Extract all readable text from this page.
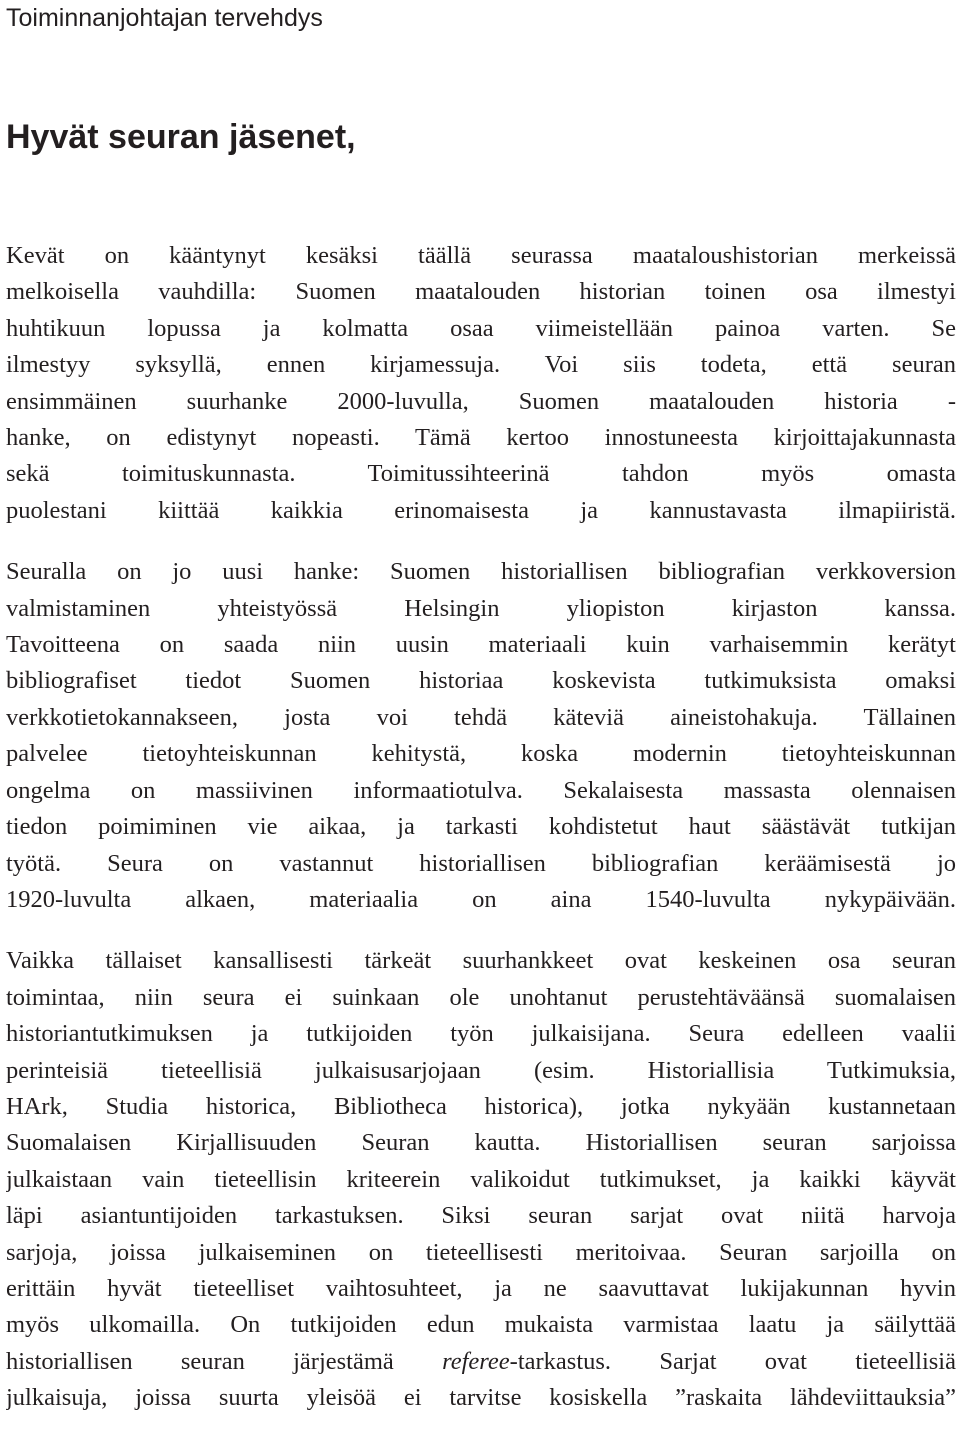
Toiminnanjohtajan tervehdys
Hyvät seuran jäsenet,

Kevät on kääntynyt kesäksi täällä seurassa maataloushistorian merkeissä
melkoisella vauhdilla: Suomen maatalouden historian toinen osa ilmestyi
huhtikuun lopussa ja kolmatta osaa viimeistellään painoa varten. Se
ilmestyy syksyllä, ennen kirjamessuja. Voi siis todeta, että seuran
ensimmäinen suurhanke 2000-luvulla, Suomen maatalouden historia -
hanke, on edistynyt nopeasti. Tämä kertoo innostuneesta kirjoittajakunnasta
sekä toimituskunnasta. Toimitussihteerinä tahdon myös omasta
puolestani kiittää kaikkia erinomaisesta ja kannustavasta ilmapiiristä.

Seuralla on jo uusi hanke: Suomen historiallisen bibliografian verkkoversion
valmistaminen yhteistyössä Helsingin yliopiston kirjaston kanssa.
Tavoitteena on saada niin uusin materiaali kuin varhaisemmin kerätyt
bibliografiset tiedot Suomen historiaa koskevista tutkimuksista omaksi
verkkotietokannakseen, josta voi tehdä käteviä aineistohakuja. Tällainen
palvelee tietoyhteiskunnan kehitystä, koska modernin tietoyhteiskunnan
ongelma on massiivinen informaatiotulva. Sekalaisesta massasta olennaisen
tiedon poimiminen vie aikaa, ja tarkasti kohdistetut haut säästävät tutkijan
työtä. Seura on vastannut historiallisen bibliografian keräämisestä jo
1920-luvulta alkaen, materiaalia on aina 1540-luvulta nykypäivään.

Vaikka tällaiset kansallisesti tärkeät suurhankkeet ovat keskeinen osa seuran
toimintaa, niin seura ei suinkaan ole unohtanut perustehtäväänsä suomalaisen
historiantutkimuksen ja tutkijoiden työn julkaisijana. Seura edelleen vaalii
perinteisiä tieteellisiä julkaisusarjojaan (esim. Historiallisia Tutkimuksia,
HArk, Studia historica, Bibliotheca historica), jotka nykyään kustannetaan
Suomalaisen Kirjallisuuden Seuran kautta. Historiallisen seuran sarjoissa
julkaistaan vain tieteellisin kriteerein valikoidut tutkimukset, ja kaikki käyvät
läpi asiantuntijoiden tarkastuksen. Siksi seuran sarjat ovat niitä harvoja
sarjoja, joissa julkaiseminen on tieteellisesti meritoivaa. Seuran sarjoilla on
erittäin hyvät tieteelliset vaihtosuhteet, ja ne saavuttavat lukijakunnan hyvin
myös ulkomailla. On tutkijoiden edun mukaista varmistaa laatu ja säilyttää
historiallisen seuran järjestämä referee-tarkastus. Sarjat ovat tieteellisiä
julkaisuja, joissa suurta yleisöä ei tarvitse kosiskella ”raskaita lähdeviittauksia”
